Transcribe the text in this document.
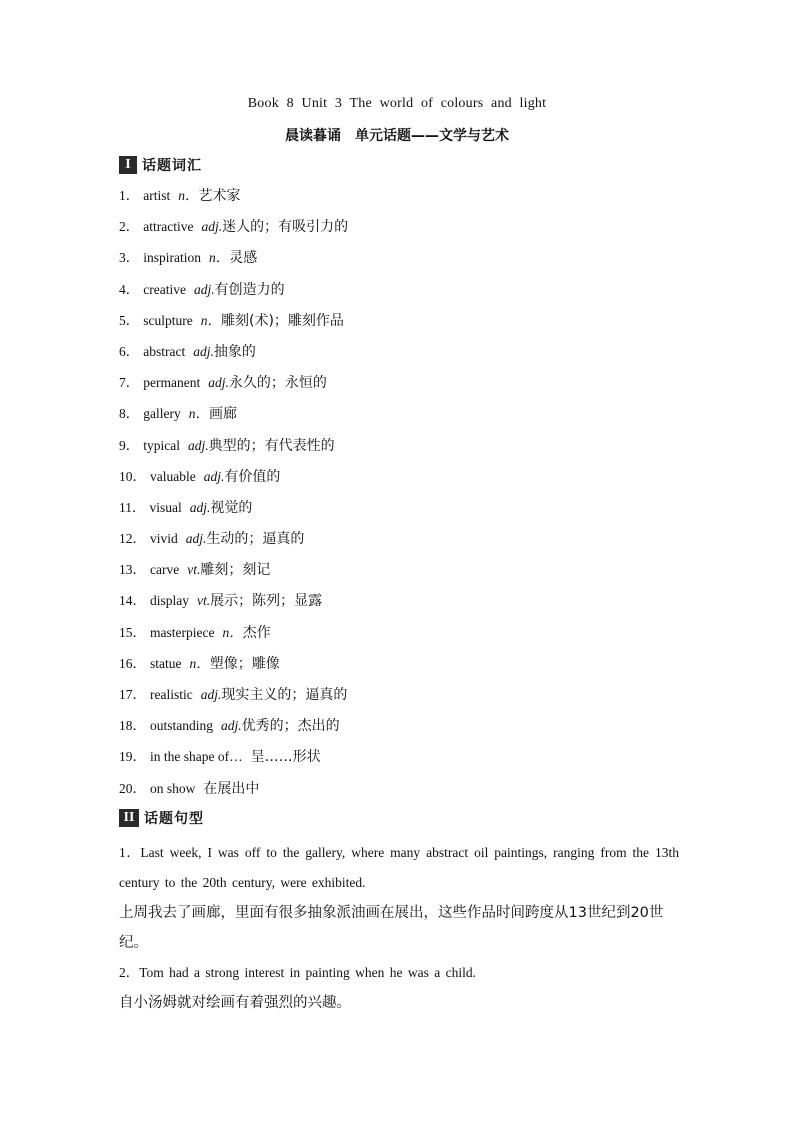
Book 8 Unit 3 The world of colours and light
晨读暮诵　单元话题——文学与艺术
I 话题词汇
1． artist n．艺术家
2． attractive adj.迷人的；有吸引力的
3． inspiration n．灵感
4． creative adj.有创造力的
5． sculpture n．雕刻(术)；雕刻作品
6． abstract adj.抽象的
7． permanent adj.永久的；永恒的
8． gallery n．画廊
9． typical adj.典型的；有代表性的
10． valuable adj.有价值的
11． visual adj.视觉的
12． vivid adj.生动的；逼真的
13． carve vt.雕刻；刻记
14． display vt.展示；陈列；显露
15． masterpiece n．杰作
16． statue n．塑像；雕像
17． realistic adj.现实主义的；逼真的
18． outstanding adj.优秀的；杰出的
19． in the shape of… 呈……形状
20． on show 在展出中
II 话题句型
1．Last week, I was off to the gallery, where many abstract oil paintings, ranging from the 13th century to the 20th century, were exhibited.
上周我去了画廊，里面有很多抽象派油画在展出，这些作品时间跨度从13世纪到20世纪。
2．Tom had a strong interest in painting when he was a child.
自小汤姆就对绘画有着强烈的兴趣。
